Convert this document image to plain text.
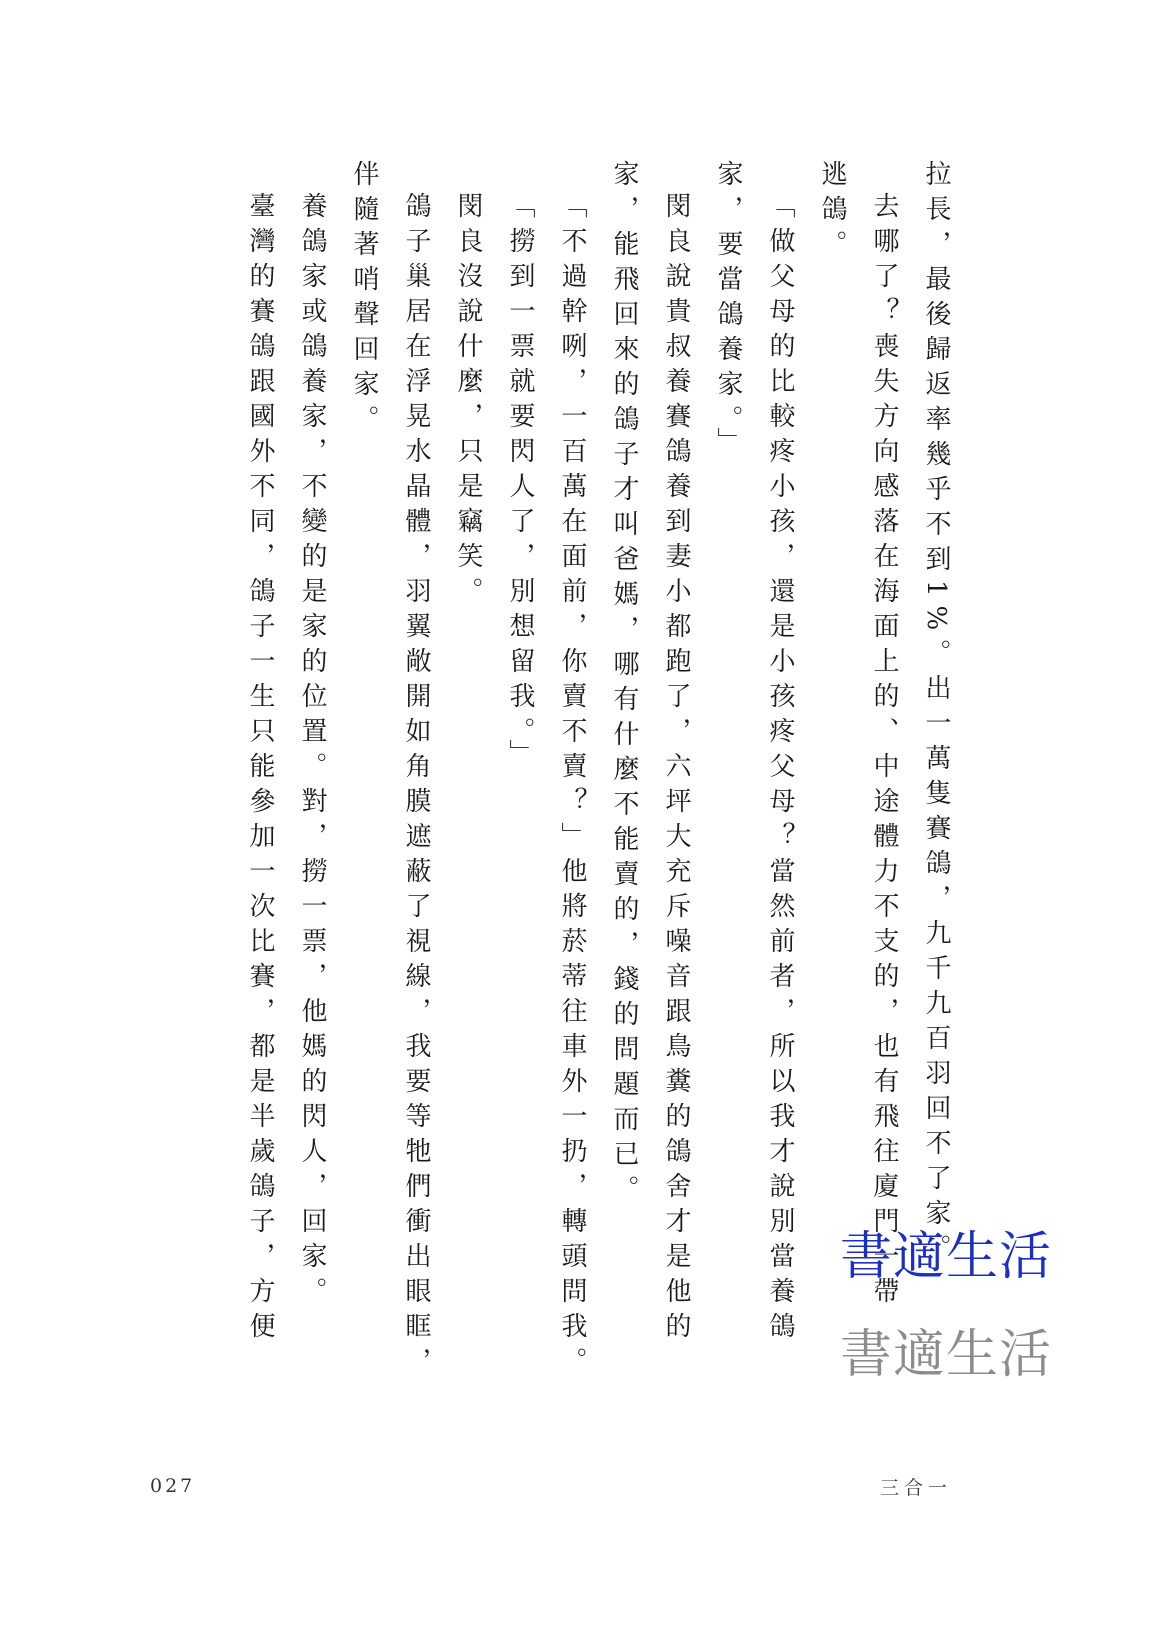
拉長，最後歸返率幾乎不到1%。出一萬隻賽鴿，九千九百羽回不了家。
去哪了？喪失方向感落在海面上的、中途體力不支的，也有飛往廈門一帶
逃鴿。
「做父母的比較疼小孩，還是小孩疼父母？當然前者，所以我才說別當養鴿
家，要當鴿養家。」
閔良說貴叔養賽鴿養到妻小都跑了，六坪大充斥噪音跟鳥糞的鴿舍才是他的
家，能飛回來的鴿子才叫爸媽，哪有什麼不能賣的，錢的問題而已。
「不過幹咧，一百萬在面前，你賣不賣？」他將菸蒂往車外一扔，轉頭問我。
「撈到一票就要閃人了，別想留我。」
閔良沒說什麼，只是竊笑。
鴿子巢居在浮晃水晶體，羽翼敞開如角膜遮蔽了視線，我要等牠們衝出眼眶，
伴隨著哨聲回家。
養鴿家或鴿養家，不變的是家的位置。對，撈一票，他媽的閃人，回家。
臺灣的賽鴿跟國外不同，鴿子一生只能參加一次比賽，都是半歲鴿子，方便	書適生活
書適生活
027	三合一
